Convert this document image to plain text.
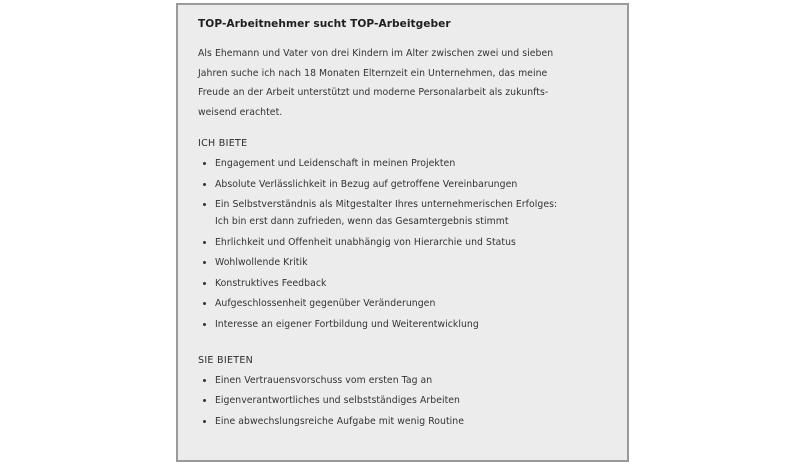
TOP-Arbeitnehmer sucht TOP-Arbeitgeber

Als Ehemann und Vater von drei Kindern im Alter zwischen zwei und sieben
Jahren suche ich nach 18 Monaten Elternzeit ein Unternehmen, das meine
Freude an der Arbeit unterstützt und moderne Personalarbeit als zukunfts-
weisend erachtet.

ICH BIETE
Engagement und Leidenschaft in meinen Projekten
Absolute Verlässlichkeit in Bezug auf getroffene Vereinbarungen
Ein Selbstverständnis als Mitgestalter Ihres unternehmerischen Erfolges:
Ich bin erst dann zufrieden, wenn das Gesamtergebnis stimmt
Ehrlichkeit und Offenheit unabhängig von Hierarchie und Status
Wohlwollende Kritik
Konstruktives Feedback
Aufgeschlossenheit gegenüber Veränderungen
Interesse an eigener Fortbildung und Weiterentwicklung
SIE BIETEN
Einen Vertrauensvorschuss vom ersten Tag an
Eigenverantwortliches und selbstständiges Arbeiten
Eine abwechslungsreiche Aufgabe mit wenig Routine
